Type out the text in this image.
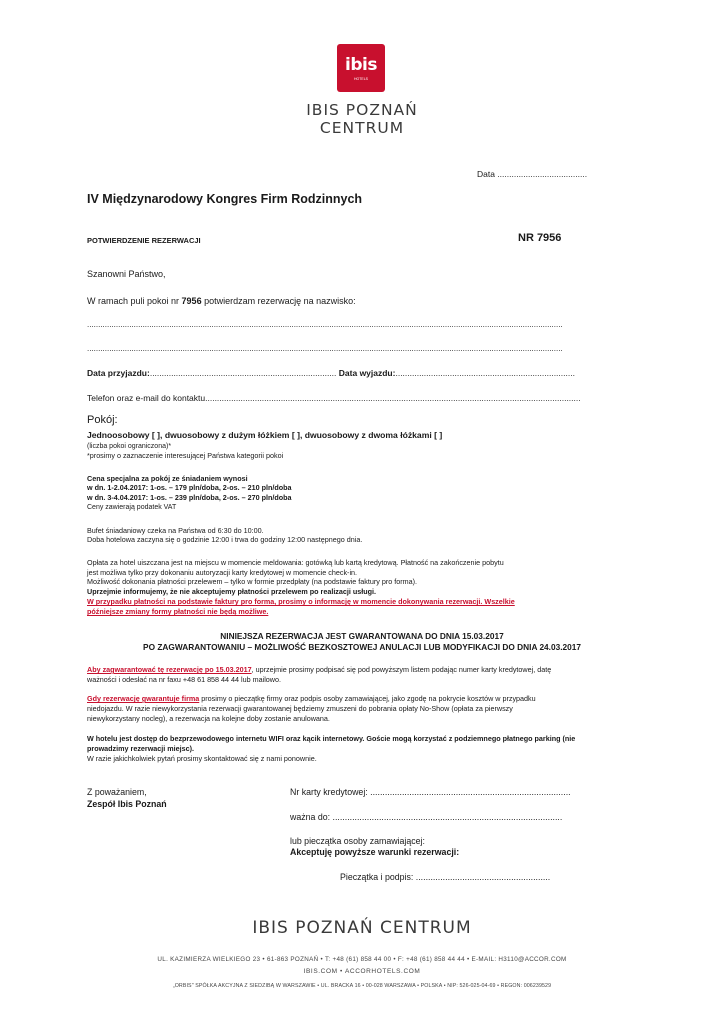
ibis
HOTELS
IBIS POZNAŃ CENTRUM
Data ......................................
IV Międzynarodowy Kongres Firm Rodzinnych
POTWIERDZENIE REZERWACJI	NR 7956
Szanowni Państwo,
W ramach puli pokoi nr 7956 potwierdzam rezerwację na nazwisko:
......................................................................................................................................................................................................................
......................................................................................................................................................................................................................
Data przyjazdu:............................................................................... Data wyjazdu:............................................................................
Telefon oraz e-mail do kontaktu...............................................................................................................................................................
Pokój:
Jednoosobowy [ ], dwuosobowy z dużym łóżkiem [ ], dwuosobowy z dwoma łóżkami [ ]
(liczba pokoi ograniczona)*
*prosimy o zaznaczenie interesującej Państwa kategorii pokoi
Cena specjalna za pokój ze śniadaniem wynosi
w dn. 1-2.04.2017: 1-os. – 179 pln/doba, 2-os. – 210 pln/doba
w dn. 3-4.04.2017: 1-os. – 239 pln/doba, 2-os. – 270 pln/doba
Ceny zawierają podatek VAT
Bufet śniadaniowy czeka na Państwa od 6:30 do 10:00.
Doba hotelowa zaczyna się o godzinie 12:00 i trwa do godziny 12:00 następnego dnia.
Opłata za hotel uiszczana jest na miejscu w momencie meldowania: gotówką lub kartą kredytową. Płatność na zakończenie pobytu
jest możliwa tylko przy dokonaniu autoryzacji karty kredytowej w momencie check-in.
Możliwość dokonania płatności przelewem – tylko w formie przedpłaty (na podstawie faktury pro forma).
Uprzejmie informujemy, że nie akceptujemy płatności przelewem po realizacji usługi.
W przypadku płatności na podstawie faktury pro forma, prosimy o informację w momencie dokonywania rezerwacji. Wszelkie
późniejsze zmiany formy płatności nie będą możliwe.
NINIEJSZA REZERWACJA JEST GWARANTOWANA DO DNIA 15.03.2017
PO ZAGWARANTOWANIU – MOŻLIWOŚĆ BEZKOSZTOWEJ ANULACJI LUB MODYFIKACJI DO DNIA 24.03.2017
Aby zagwarantować tę rezerwację po 15.03.2017, uprzejmie prosimy podpisać się pod powyższym listem podając numer karty kredytowej, datę
ważności i odesłać na nr faxu +48 61 858 44 44 lub mailowo.
Gdy rezerwację gwarantuje firma prosimy o pieczątkę firmy oraz podpis osoby zamawiającej, jako zgodę na pokrycie kosztów w przypadku
niedojazdu. W razie niewykorzystania rezerwacji gwarantowanej będziemy zmuszeni do pobrania opłaty No-Show (opłata za pierwszy
niewykorzystany nocleg), a rezerwacja na kolejne doby zostanie anulowana.
W hotelu jest dostęp do bezprzewodowego internetu WIFI oraz kącik internetowy. Goście mogą korzystać z podziemnego płatnego parking (nie
prowadzimy rezerwacji miejsc).
W razie jakichkolwiek pytań prosimy skontaktować się z nami ponownie.
Z poważaniem,
Zespół Ibis Poznań
Nr karty kredytowej: ..................................................................................
ważna do: ..............................................................................................
lub pieczątka osoby zamawiającej:
Akceptuję powyższe warunki rezerwacji:
Pieczątka i podpis: .......................................................
IBIS POZNAŃ CENTRUM
UL. KAZIMIERZA WIELKIEGO 23 • 61-863 POZNAŃ • T: +48 (61) 858 44 00 • F: +48 (61) 858 44 44 • E-MAIL: H3110@ACCOR.COM
IBIS.COM • ACCORHOTELS.COM
„ORBIS" SPÓŁKA AKCYJNA Z SIEDZIBĄ W WARSZAWIE • UL. BRACKA 16 • 00-028 WARSZAWA • POLSKA • NIP: 526-025-04-69 • REGON: 006239529
